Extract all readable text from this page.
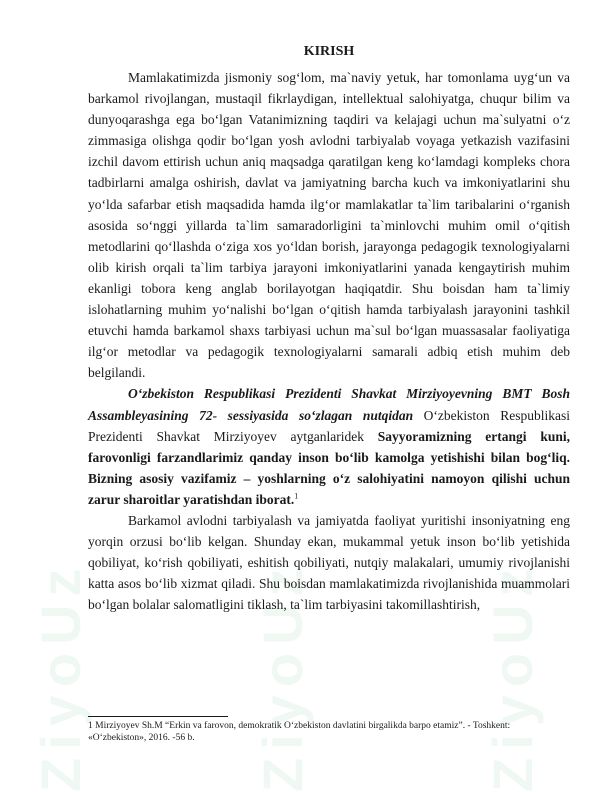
ZiyoUz	ZiyoUz	ZiyoUz
KIRISH

Mamlakatimizda jismoniy sog‘lom, ma`naviy yetuk, har tomonlama uyg‘un va barkamol rivojlangan, mustaqil fikrlaydigan, intellektual salohiyatga, chuqur bilim va dunyoqarashga ega bo‘lgan Vatanimizning taqdiri va kelajagi uchun ma`sulyatni o‘z zimmasiga olishga qodir bo‘lgan yosh avlodni tarbiyalab voyaga yetkazish vazifasini izchil davom ettirish uchun aniq maqsadga qaratilgan keng ko‘lamdagi kompleks chora tadbirlarni amalga oshirish, davlat va jamiyatning barcha kuch va imkoniyatlarini shu yo‘lda safarbar etish maqsadida hamda ilg‘or mamlakatlar ta`lim taribalarini o‘rganish asosida so‘nggi yillarda ta`lim samaradorligini ta`minlovchi muhim omil o‘qitish metodlarini qo‘llashda o‘ziga xos yo‘ldan borish, jarayonga pedagogik texnologiyalarni olib kirish orqali ta`lim tarbiya jarayoni imkoniyatlarini yanada kengaytirish muhim ekanligi tobora keng anglab borilayotgan haqiqatdir. Shu boisdan ham ta`limiy islohatlarning muhim yo‘nalishi bo‘lgan o‘qitish hamda tarbiyalash jarayonini tashkil etuvchi hamda barkamol shaxs tarbiyasi uchun ma`sul bo‘lgan muassasalar faoliyatiga ilg‘or metodlar va pedagogik texnologiyalarni samarali adbiq etish muhim deb belgilandi.

O‘zbekiston Respublikasi Prezidenti Shavkat Mirziyoyevning BMT Bosh Assambleyasining 72- sessiyasida so‘zlagan nutqidan O‘zbekiston Respublikasi Prezidenti Shavkat Mirziyoyev aytganlaridek Sayyoramizning ertangi kuni, farovonligi farzandlarimiz qanday inson bo‘lib kamolga yetishishi bilan bog‘liq. Bizning asosiy vazifamiz – yoshlarning o‘z salohiyatini namoyon qilishi uchun zarur sharoitlar yaratishdan iborat.$^1$

Barkamol avlodni tarbiyalash va jamiyatda faoliyat yuritishi insoniyatning eng yorqin orzusi bo‘lib kelgan. Shunday ekan, mukammal yetuk inson bo‘lib yetishida qobiliyat, ko‘rish qobiliyati, eshitish qobiliyati, nutqiy malakalari, umumiy rivojlanishi katta asos bo‘lib xizmat qiladi. Shu boisdan mamlakatimizda rivojlanishida muammolari bo‘lgan bolalar salomatligini tiklash, ta`lim tarbiyasini takomillashtirish,

1 Mirziyoyev Sh.M “Erkin va farovon, demokratik O‘zbekiston davlatini birgalikda barpo etamiz”. - Toshkent: «O‘zbekiston», 2016. -56 b.
